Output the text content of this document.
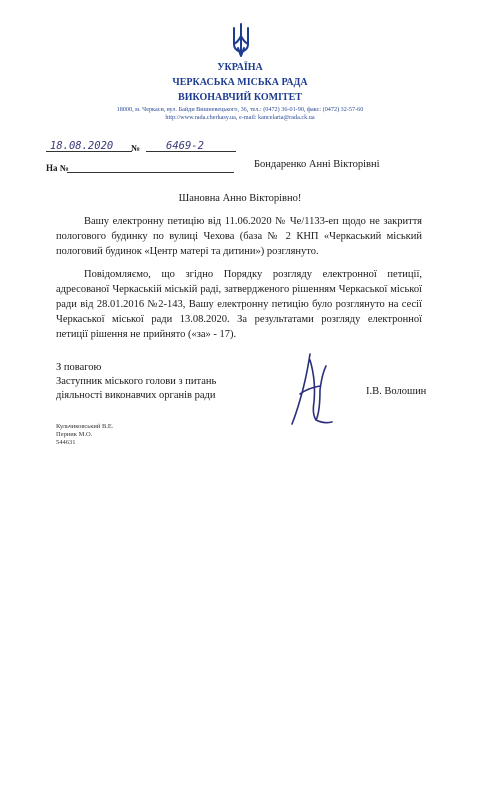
УКРАЇНА
ЧЕРКАСЬКА МІСЬКА РАДА
ВИКОНАВЧИЙ КОМІТЕТ
18000, м. Черкаси, вул. Байди Вишневецького, 36, тел.: (0472) 36-01-90, факс: (0472) 32-57-60
http://www.rada.cherkasy.ua, e-mail: kancelaria@rada.ck.ua
18.08.2020 № 6469-2
На №	Бондаренко Анні Вікторівні
Шановна Анно Вікторівно!
Вашу електронну петицію від 11.06.2020 № Че/1133-еп щодо не закриття пологового будинку по вулиці Чехова (база № 2 КНП «Черкаський міський пологовий будинок «Центр матері та дитини») розглянуто.
Повідомляємо, що згідно Порядку розгляду електронної петиції, адресованої Черкаській міській раді, затвердженого рішенням Черкаської міської ради від 28.01.2016 №2-143, Вашу електронну петицію було розглянуто на сесії Черкаської міської ради 13.08.2020. За результатами розгляду електронної петиції рішення не прийнято («за» - 17).
З повагою
Заступник міського голови з питань
діяльності виконавчих органів ради	І.В. Волошин
Кульчиковський В.Е.
Перник М.О.
544631
